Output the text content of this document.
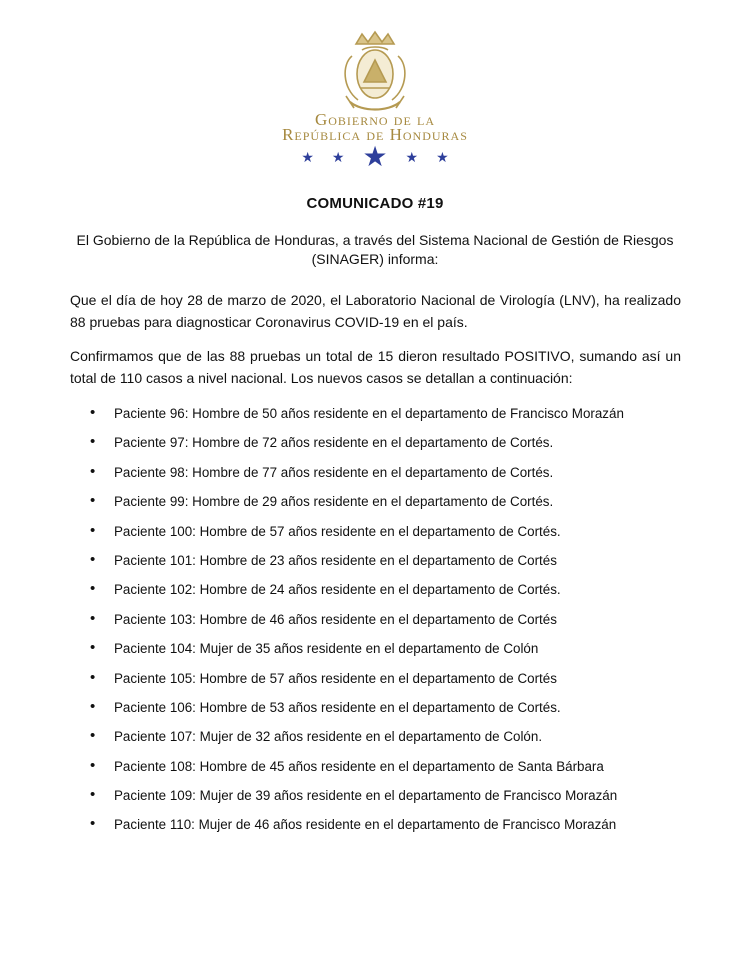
Gobierno de la
República de Honduras
★ ★ ★ ★ ★
COMUNICADO #19
El Gobierno de la República de Honduras, a través del Sistema Nacional de Gestión de Riesgos (SINAGER) informa:
Que el día de hoy 28 de marzo de 2020, el Laboratorio Nacional de Virología (LNV), ha realizado 88 pruebas para diagnosticar Coronavirus COVID-19 en el país.
Confirmamos que de las 88 pruebas un total de 15 dieron resultado POSITIVO, sumando así un total de 110 casos a nivel nacional. Los nuevos casos se detallan a continuación:
• Paciente 96: Hombre de 50 años residente en el departamento de Francisco Morazán
• Paciente 97: Hombre de 72 años residente en el departamento de Cortés.
• Paciente 98: Hombre de 77 años residente en el departamento de Cortés.
• Paciente 99: Hombre de 29 años residente en el departamento de Cortés.
• Paciente 100: Hombre de 57 años residente en el departamento de Cortés.
• Paciente 101: Hombre de 23 años residente en el departamento de Cortés
• Paciente 102: Hombre de 24 años residente en el departamento de Cortés.
• Paciente 103: Hombre de 46 años residente en el departamento de Cortés
• Paciente 104: Mujer de 35 años residente en el departamento de Colón
• Paciente 105: Hombre de 57 años residente en el departamento de Cortés
• Paciente 106: Hombre de 53 años residente en el departamento de Cortés.
• Paciente 107: Mujer de 32 años residente en el departamento de Colón.
• Paciente 108: Hombre de 45 años residente en el departamento de Santa Bárbara
• Paciente 109: Mujer de 39 años residente en el departamento de Francisco Morazán
• Paciente 110: Mujer de 46 años residente en el departamento de Francisco Morazán
